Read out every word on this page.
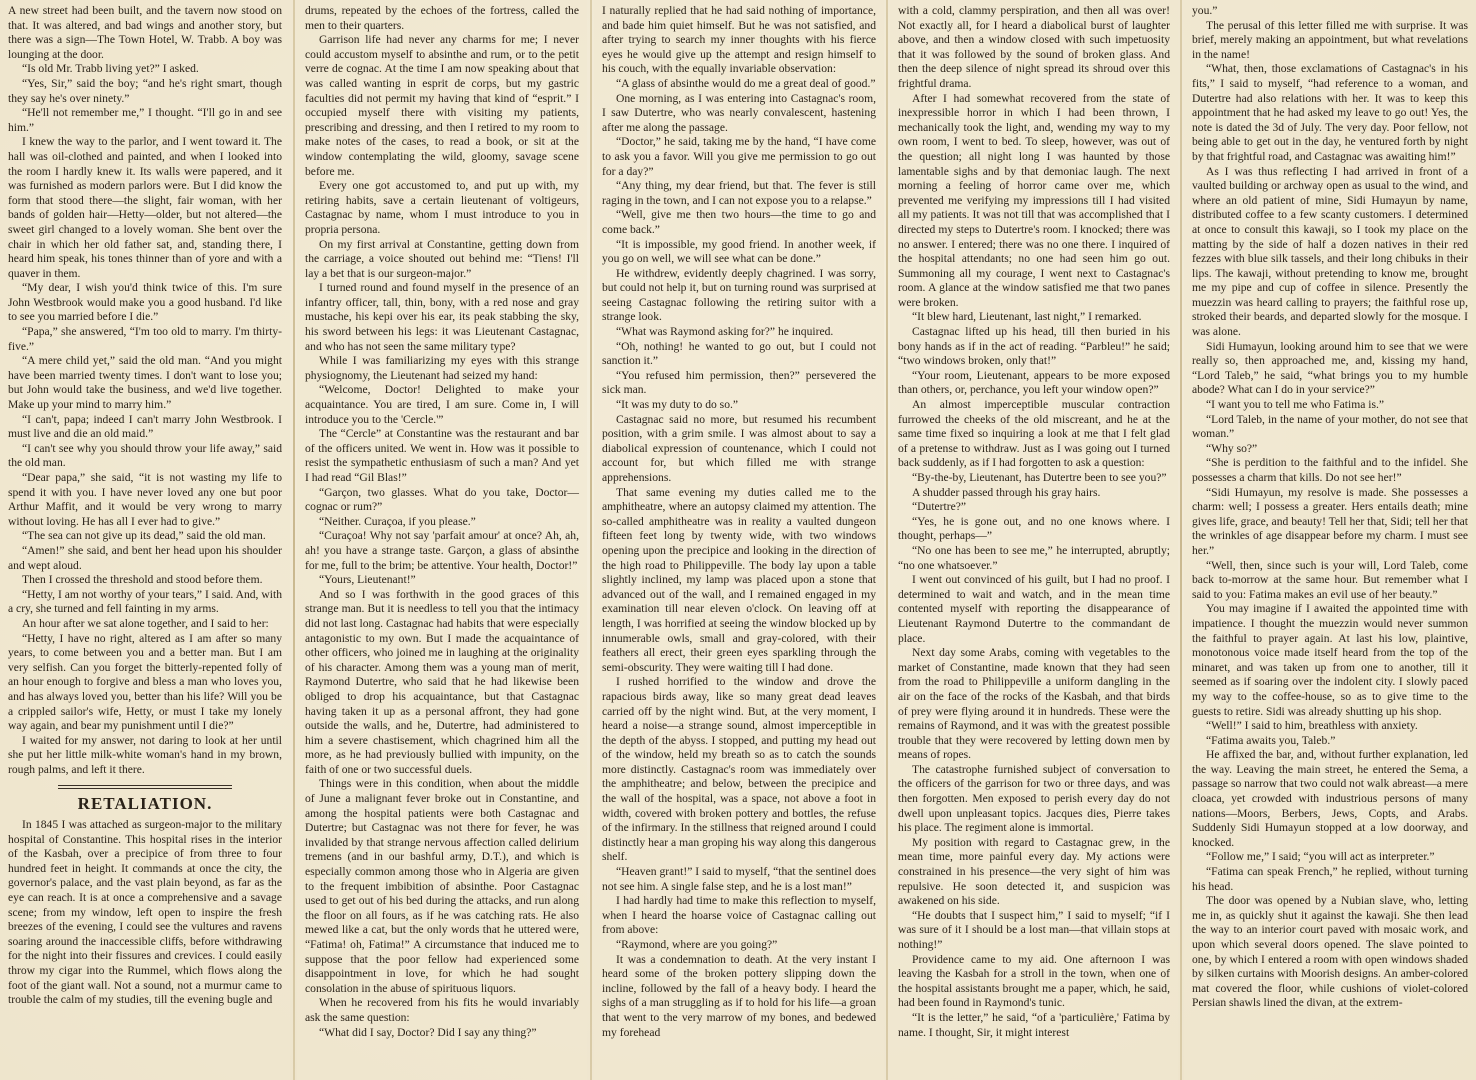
A new street had been built, and the tavern now stood on that. It was altered, and bad wings and another story, but there was a sign—The Town Hotel, W. Trabb. A boy was lounging at the door.

“Is old Mr. Trabb living yet?” I asked.

“Yes, Sir,” said the boy; “and he's right smart, though they say he's over ninety.”

“He'll not remember me,” I thought. “I'll go in and see him.”

I knew the way to the parlor, and I went toward it. The hall was oil-clothed and painted, and when I looked into the room I hardly knew it. Its walls were papered, and it was furnished as modern parlors were. But I did know the form that stood there—the slight, fair woman, with her bands of golden hair—Hetty—older, but not altered—the sweet girl changed to a lovely woman. She bent over the chair in which her old father sat, and, standing there, I heard him speak, his tones thinner than of yore and with a quaver in them.

“My dear, I wish you'd think twice of this. I'm sure John Westbrook would make you a good husband. I'd like to see you married before I die.”

“Papa,” she answered, “I'm too old to marry. I'm thirty-five.”

“A mere child yet,” said the old man. “And you might have been married twenty times. I don't want to lose you; but John would take the business, and we'd live together. Make up your mind to marry him.”

“I can't, papa; indeed I can't marry John Westbrook. I must live and die an old maid.”

“I can't see why you should throw your life away,” said the old man.

“Dear papa,” she said, “it is not wasting my life to spend it with you. I have never loved any one but poor Arthur Maffit, and it would be very wrong to marry without loving. He has all I ever had to give.”

“The sea can not give up its dead,” said the old man.

“Amen!” she said, and bent her head upon his shoulder and wept aloud.

Then I crossed the threshold and stood before them.

“Hetty, I am not worthy of your tears,” I said. And, with a cry, she turned and fell fainting in my arms.

An hour after we sat alone together, and I said to her:

“Hetty, I have no right, altered as I am after so many years, to come between you and a better man. But I am very selfish. Can you forget the bitterly-repented folly of an hour enough to forgive and bless a man who loves you, and has always loved you, better than his life? Will you be a crippled sailor's wife, Hetty, or must I take my lonely way again, and bear my punishment until I die?”

I waited for my answer, not daring to look at her until she put her little milk-white woman's hand in my brown, rough palms, and left it there.

RETALIATION.

In 1845 I was attached as surgeon-major to the military hospital of Constantine. This hospital rises in the interior of the Kasbah, over a precipice of from three to four hundred feet in height. It commands at once the city, the governor's palace, and the vast plain beyond, as far as the eye can reach. It is at once a comprehensive and a savage scene; from my window, left open to inspire the fresh breezes of the evening, I could see the vultures and ravens soaring around the inaccessible cliffs, before withdrawing for the night into their fissures and crevices. I could easily throw my cigar into the Rummel, which flows along the foot of the giant wall. Not a sound, not a murmur came to trouble the calm of my studies, till the evening bugle and

drums, repeated by the echoes of the fortress, called the men to their quarters.

Garrison life had never any charms for me; I never could accustom myself to absinthe and rum, or to the petit verre de cognac. At the time I am now speaking about that was called wanting in esprit de corps, but my gastric faculties did not permit my having that kind of “esprit.” I occupied myself there with visiting my patients, prescribing and dressing, and then I retired to my room to make notes of the cases, to read a book, or sit at the window contemplating the wild, gloomy, savage scene before me.

Every one got accustomed to, and put up with, my retiring habits, save a certain lieutenant of voltigeurs, Castagnac by name, whom I must introduce to you in propria persona.

On my first arrival at Constantine, getting down from the carriage, a voice shouted out behind me: “Tiens! I'll lay a bet that is our surgeon-major.”

I turned round and found myself in the presence of an infantry officer, tall, thin, bony, with a red nose and gray mustache, his kepi over his ear, its peak stabbing the sky, his sword between his legs: it was Lieutenant Castagnac, and who has not seen the same military type?

While I was familiarizing my eyes with this strange physiognomy, the Lieutenant had seized my hand:

“Welcome, Doctor! Delighted to make your acquaintance. You are tired, I am sure. Come in, I will introduce you to the 'Cercle.'”

The “Cercle” at Constantine was the restaurant and bar of the officers united. We went in. How was it possible to resist the sympathetic enthusiasm of such a man? And yet I had read “Gil Blas!”

“Garçon, two glasses. What do you take, Doctor—cognac or rum?”

“Neither. Curaçoa, if you please.”

“Curaçoa! Why not say 'parfait amour' at once? Ah, ah, ah! you have a strange taste. Garçon, a glass of absinthe for me, full to the brim; be attentive. Your health, Doctor!”

“Yours, Lieutenant!”

And so I was forthwith in the good graces of this strange man. But it is needless to tell you that the intimacy did not last long. Castagnac had habits that were especially antagonistic to my own. But I made the acquaintance of other officers, who joined me in laughing at the originality of his character. Among them was a young man of merit, Raymond Dutertre, who said that he had likewise been obliged to drop his acquaintance, but that Castagnac having taken it up as a personal affront, they had gone outside the walls, and he, Dutertre, had administered to him a severe chastisement, which chagrined him all the more, as he had previously bullied with impunity, on the faith of one or two successful duels.

Things were in this condition, when about the middle of June a malignant fever broke out in Constantine, and among the hospital patients were both Castagnac and Dutertre; but Castagnac was not there for fever, he was invalided by that strange nervous affection called delirium tremens (and in our bashful army, D.T.), and which is especially common among those who in Algeria are given to the frequent imbibition of absinthe. Poor Castagnac used to get out of his bed during the attacks, and run along the floor on all fours, as if he was catching rats. He also mewed like a cat, but the only words that he uttered were, “Fatima! oh, Fatima!” A circumstance that induced me to suppose that the poor fellow had experienced some disappointment in love, for which he had sought consolation in the abuse of spirituous liquors.

When he recovered from his fits he would invariably ask the same question:

“What did I say, Doctor? Did I say any thing?”

I naturally replied that he had said nothing of importance, and bade him quiet himself. But he was not satisfied, and after trying to search my inner thoughts with his fierce eyes he would give up the attempt and resign himself to his couch, with the equally invariable observation:

“A glass of absinthe would do me a great deal of good.”

One morning, as I was entering into Castagnac's room, I saw Dutertre, who was nearly convalescent, hastening after me along the passage.

“Doctor,” he said, taking me by the hand, “I have come to ask you a favor. Will you give me permission to go out for a day?”

“Any thing, my dear friend, but that. The fever is still raging in the town, and I can not expose you to a relapse.”

“Well, give me then two hours—the time to go and come back.”

“It is impossible, my good friend. In another week, if you go on well, we will see what can be done.”

He withdrew, evidently deeply chagrined. I was sorry, but could not help it, but on turning round was surprised at seeing Castagnac following the retiring suitor with a strange look.

“What was Raymond asking for?” he inquired.

“Oh, nothing! he wanted to go out, but I could not sanction it.”

“You refused him permission, then?” persevered the sick man.

“It was my duty to do so.”

Castagnac said no more, but resumed his recumbent position, with a grim smile. I was almost about to say a diabolical expression of countenance, which I could not account for, but which filled me with strange apprehensions.

That same evening my duties called me to the amphitheatre, where an autopsy claimed my attention. The so-called amphitheatre was in reality a vaulted dungeon fifteen feet long by twenty wide, with two windows opening upon the precipice and looking in the direction of the high road to Philippeville. The body lay upon a table slightly inclined, my lamp was placed upon a stone that advanced out of the wall, and I remained engaged in my examination till near eleven o'clock. On leaving off at length, I was horrified at seeing the window blocked up by innumerable owls, small and gray-colored, with their feathers all erect, their green eyes sparkling through the semi-obscurity. They were waiting till I had done.

I rushed horrified to the window and drove the rapacious birds away, like so many great dead leaves carried off by the night wind. But, at the very moment, I heard a noise—a strange sound, almost imperceptible in the depth of the abyss. I stopped, and putting my head out of the window, held my breath so as to catch the sounds more distinctly. Castagnac's room was immediately over the amphitheatre; and below, between the precipice and the wall of the hospital, was a space, not above a foot in width, covered with broken pottery and bottles, the refuse of the infirmary. In the stillness that reigned around I could distinctly hear a man groping his way along this dangerous shelf.

“Heaven grant!” I said to myself, “that the sentinel does not see him. A single false step, and he is a lost man!”

I had hardly had time to make this reflection to myself, when I heard the hoarse voice of Castagnac calling out from above:

“Raymond, where are you going?”

It was a condemnation to death. At the very instant I heard some of the broken pottery slipping down the incline, followed by the fall of a heavy body. I heard the sighs of a man struggling as if to hold for his life—a groan that went to the very marrow of my bones, and bedewed my forehead

with a cold, clammy perspiration, and then all was over! Not exactly all, for I heard a diabolical burst of laughter above, and then a window closed with such impetuosity that it was followed by the sound of broken glass. And then the deep silence of night spread its shroud over this frightful drama.

After I had somewhat recovered from the state of inexpressible horror in which I had been thrown, I mechanically took the light, and, wending my way to my own room, I went to bed. To sleep, however, was out of the question; all night long I was haunted by those lamentable sighs and by that demoniac laugh. The next morning a feeling of horror came over me, which prevented me verifying my impressions till I had visited all my patients. It was not till that was accomplished that I directed my steps to Dutertre's room. I knocked; there was no answer. I entered; there was no one there. I inquired of the hospital attendants; no one had seen him go out. Summoning all my courage, I went next to Castagnac's room. A glance at the window satisfied me that two panes were broken.

“It blew hard, Lieutenant, last night,” I remarked.

Castagnac lifted up his head, till then buried in his bony hands as if in the act of reading. “Parbleu!” he said; “two windows broken, only that!”

“Your room, Lieutenant, appears to be more exposed than others, or, perchance, you left your window open?”

An almost imperceptible muscular contraction furrowed the cheeks of the old miscreant, and he at the same time fixed so inquiring a look at me that I felt glad of a pretense to withdraw. Just as I was going out I turned back suddenly, as if I had forgotten to ask a question:

“By-the-by, Lieutenant, has Dutertre been to see you?”

A shudder passed through his gray hairs.

“Dutertre?”

“Yes, he is gone out, and no one knows where. I thought, perhaps—”

“No one has been to see me,” he interrupted, abruptly; “no one whatsoever.”

I went out convinced of his guilt, but I had no proof. I determined to wait and watch, and in the mean time contented myself with reporting the disappearance of Lieutenant Raymond Dutertre to the commandant de place.

Next day some Arabs, coming with vegetables to the market of Constantine, made known that they had seen from the road to Philippeville a uniform dangling in the air on the face of the rocks of the Kasbah, and that birds of prey were flying around it in hundreds. These were the remains of Raymond, and it was with the greatest possible trouble that they were recovered by letting down men by means of ropes.

The catastrophe furnished subject of conversation to the officers of the garrison for two or three days, and was then forgotten. Men exposed to perish every day do not dwell upon unpleasant topics. Jacques dies, Pierre takes his place. The regiment alone is immortal.

My position with regard to Castagnac grew, in the mean time, more painful every day. My actions were constrained in his presence—the very sight of him was repulsive. He soon detected it, and suspicion was awakened on his side.

“He doubts that I suspect him,” I said to myself; “if I was sure of it I should be a lost man—that villain stops at nothing!”

Providence came to my aid. One afternoon I was leaving the Kasbah for a stroll in the town, when one of the hospital assistants brought me a paper, which, he said, had been found in Raymond's tunic.

“It is the letter,” he said, “of a 'particulière,' Fatima by name. I thought, Sir, it might interest

you.”

The perusal of this letter filled me with surprise. It was brief, merely making an appointment, but what revelations in the name!

“What, then, those exclamations of Castagnac's in his fits,” I said to myself, “had reference to a woman, and Dutertre had also relations with her. It was to keep this appointment that he had asked my leave to go out! Yes, the note is dated the 3d of July. The very day. Poor fellow, not being able to get out in the day, he ventured forth by night by that frightful road, and Castagnac was awaiting him!”

As I was thus reflecting I had arrived in front of a vaulted building or archway open as usual to the wind, and where an old patient of mine, Sidi Humayun by name, distributed coffee to a few scanty customers. I determined at once to consult this kawaji, so I took my place on the matting by the side of half a dozen natives in their red fezzes with blue silk tassels, and their long chibuks in their lips. The kawaji, without pretending to know me, brought me my pipe and cup of coffee in silence. Presently the muezzin was heard calling to prayers; the faithful rose up, stroked their beards, and departed slowly for the mosque. I was alone.

Sidi Humayun, looking around him to see that we were really so, then approached me, and, kissing my hand, “Lord Taleb,” he said, “what brings you to my humble abode? What can I do in your service?”

“I want you to tell me who Fatima is.”

“Lord Taleb, in the name of your mother, do not see that woman.”

“Why so?”

“She is perdition to the faithful and to the infidel. She possesses a charm that kills. Do not see her!”

“Sidi Humayun, my resolve is made. She possesses a charm: well; I possess a greater. Hers entails death; mine gives life, grace, and beauty! Tell her that, Sidi; tell her that the wrinkles of age disappear before my charm. I must see her.”

“Well, then, since such is your will, Lord Taleb, come back to-morrow at the same hour. But remember what I said to you: Fatima makes an evil use of her beauty.”

You may imagine if I awaited the appointed time with impatience. I thought the muezzin would never summon the faithful to prayer again. At last his low, plaintive, monotonous voice made itself heard from the top of the minaret, and was taken up from one to another, till it seemed as if soaring over the indolent city. I slowly paced my way to the coffee-house, so as to give time to the guests to retire. Sidi was already shutting up his shop.

“Well!” I said to him, breathless with anxiety.

“Fatima awaits you, Taleb.”

He affixed the bar, and, without further explanation, led the way. Leaving the main street, he entered the Sema, a passage so narrow that two could not walk abreast—a mere cloaca, yet crowded with industrious persons of many nations—Moors, Berbers, Jews, Copts, and Arabs. Suddenly Sidi Humayun stopped at a low doorway, and knocked.

“Follow me,” I said; “you will act as interpreter.”

“Fatima can speak French,” he replied, without turning his head.

The door was opened by a Nubian slave, who, letting me in, as quickly shut it against the kawaji. She then lead the way to an interior court paved with mosaic work, and upon which several doors opened. The slave pointed to one, by which I entered a room with open windows shaded by silken curtains with Moorish designs. An amber-colored mat covered the floor, while cushions of violet-colored Persian shawls lined the divan, at the extrem-
